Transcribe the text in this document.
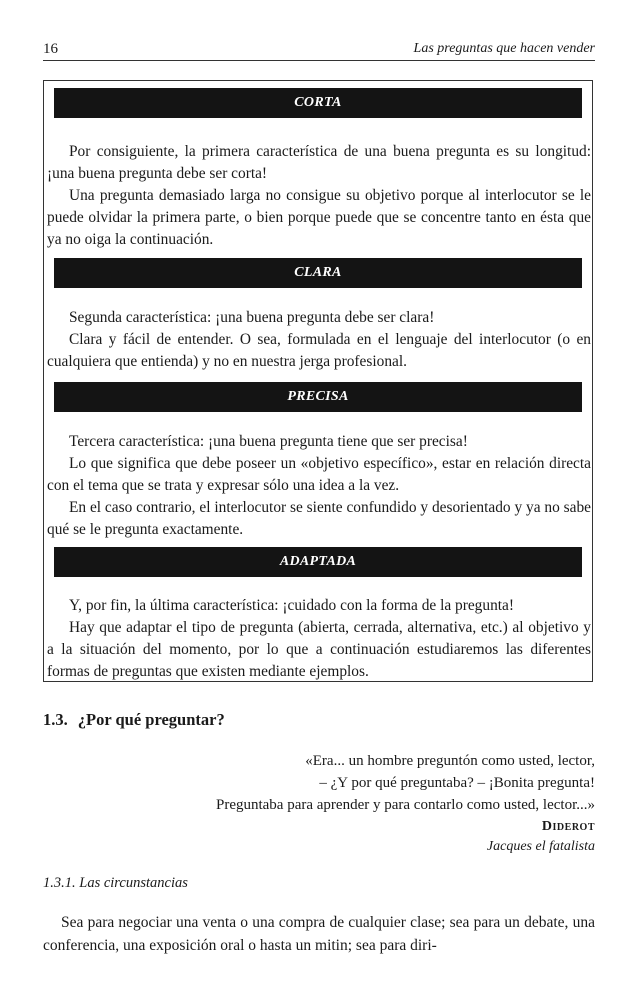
16	Las preguntas que hacen vender
CORTA

Por consiguiente, la primera característica de una buena pregunta es su longitud: ¡una buena pregunta debe ser corta!

Una pregunta demasiado larga no consigue su objetivo porque al interlocutor se le puede olvidar la primera parte, o bien porque puede que se concentre tanto en ésta que ya no oiga la continuación.

CLARA

Segunda característica: ¡una buena pregunta debe ser clara!

Clara y fácil de entender. O sea, formulada en el lenguaje del interlocutor (o en cualquiera que entienda) y no en nuestra jerga profesional.

PRECISA

Tercera característica: ¡una buena pregunta tiene que ser precisa!

Lo que significa que debe poseer un «objetivo específico», estar en relación directa con el tema que se trata y expresar sólo una idea a la vez.

En el caso contrario, el interlocutor se siente confundido y desorientado y ya no sabe qué se le pregunta exactamente.

ADAPTADA

Y, por fin, la última característica: ¡cuidado con la forma de la pregunta!

Hay que adaptar el tipo de pregunta (abierta, cerrada, alternativa, etc.) al objetivo y a la situación del momento, por lo que a continuación estudiaremos las diferentes formas de preguntas que existen mediante ejemplos.

1.3. ¿Por qué preguntar?
«Era... un hombre preguntón como usted, lector,
– ¿Y por qué preguntaba? – ¡Bonita pregunta!
Preguntaba para aprender y para contarlo como usted, lector...»
Diderot
Jacques el fatalista
1.3.1. Las circunstancias

Sea para negociar una venta o una compra de cualquier clase; sea para un debate, una conferencia, una exposición oral o hasta un mitin; sea para diri-
